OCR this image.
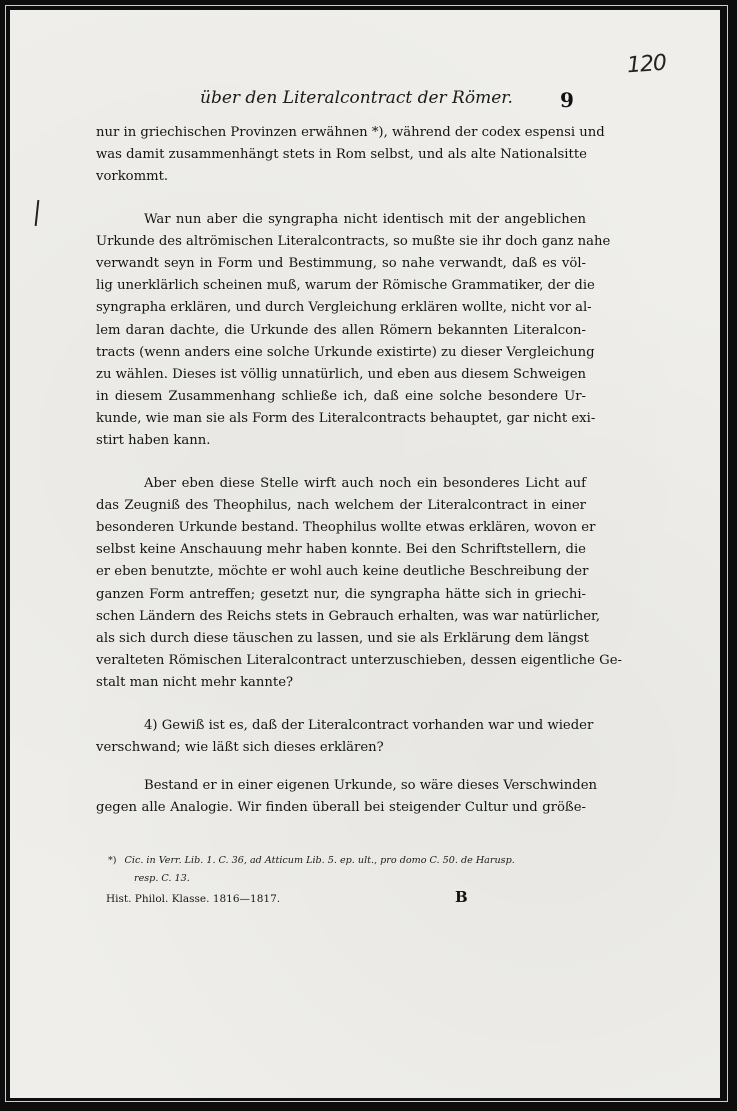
120
über den Literalcontract der Römer. 9
nur in griechischen Provinzen erwähnen *), während der codex espensi und
was damit zusammenhängt stets in Rom selbst, und als alte Nationalsitte
vorkommt.
War nun aber die syngrapha nicht identisch mit der angeblichen
Urkunde des altrömischen Literalcontracts, so mußte sie ihr doch ganz nahe
verwandt seyn in Form und Bestimmung, so nahe verwandt, daß es völ-
lig unerklärlich scheinen muß, warum der Römische Grammatiker, der die
syngrapha erklären, und durch Vergleichung erklären wollte, nicht vor al-
lem daran dachte, die Urkunde des allen Römern bekannten Literalcon-
tracts (wenn anders eine solche Urkunde existirte) zu dieser Vergleichung
zu wählen. Dieses ist völlig unnatürlich, und eben aus diesem Schweigen
in diesem Zusammenhang schließe ich, daß eine solche besondere Ur-
kunde, wie man sie als Form des Literalcontracts behauptet, gar nicht exi-
stirt haben kann.
Aber eben diese Stelle wirft auch noch ein besonderes Licht auf
das Zeugniß des Theophilus, nach welchem der Literalcontract in einer
besonderen Urkunde bestand. Theophilus wollte etwas erklären, wovon er
selbst keine Anschauung mehr haben konnte. Bei den Schriftstellern, die
er eben benutzte, möchte er wohl auch keine deutliche Beschreibung der
ganzen Form antreffen; gesetzt nur, die syngrapha hätte sich in griechi-
schen Ländern des Reichs stets in Gebrauch erhalten, was war natürlicher,
als sich durch diese täuschen zu lassen, und sie als Erklärung dem längst
veralteten Römischen Literalcontract unterzuschieben, dessen eigentliche Ge-
stalt man nicht mehr kannte?
4) Gewiß ist es, daß der Literalcontract vorhanden war und wieder
verschwand; wie läßt sich dieses erklären?
Bestand er in einer eigenen Urkunde, so wäre dieses Verschwinden
gegen alle Analogie. Wir finden überall bei steigender Cultur und größe-
*) Cic. in Verr. Lib. 1. C. 36, ad Atticum Lib. 5. ep. ult., pro domo C. 50. de Harusp.
resp. C. 13.
Hist. Philol. Klasse. 1816—1817.	B
